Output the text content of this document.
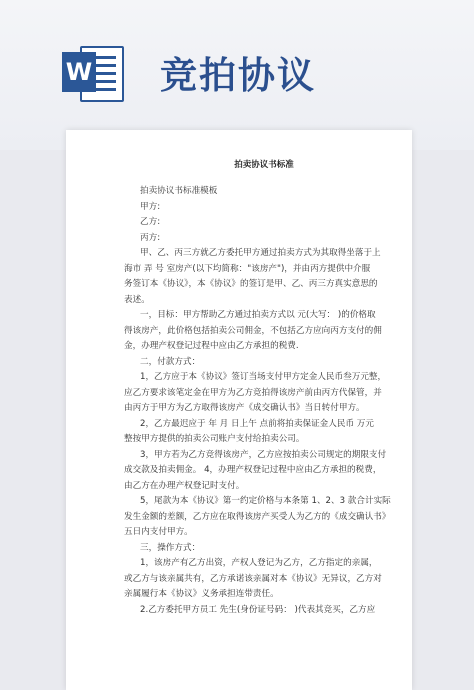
W 竞拍协议
拍卖协议书标准
拍卖协议书标准模板
甲方:
乙方:
丙方:
甲、乙、丙三方就乙方委托甲方通过拍卖方式为其取得坐落于上
海市 弄 号 室房产(以下均简称："该房产")，并由丙方提供中介服
务签订本《协议》，本《协议》的签订是甲、乙、丙三方真实意思的
表述。
一，目标：甲方帮助乙方通过拍卖方式以 元(大写： )的价格取
得该房产，此价格包括拍卖公司佣金，不包括乙方应向丙方支付的佣
金，办理产权登记过程中应由乙方承担的税费.
二，付款方式：
1，乙方应于本《协议》签订当场支付甲方定金人民币叁万元整，
应乙方要求该笔定金在甲方为乙方竞拍得该房产前由丙方代保管，并
由丙方于甲方为乙方取得该房产《成交确认书》当日转付甲方。
2，乙方最迟应于 年 月 日上午 点前将拍卖保证金人民币 万元
整按甲方提供的拍卖公司账户支付给拍卖公司。
3，甲方若为乙方竞得该房产，乙方应按拍卖公司规定的期限支付
成交款及拍卖佣金。 4，办理产权登记过程中应由乙方承担的税费，
由乙方在办理产权登记时支付。
5，尾款为本《协议》第一约定价格与本条第 1、2、3 款合计实际
发生金额的差额，乙方应在取得该房产买受人为乙方的《成交确认书》
五日内支付甲方。
三，操作方式：
1，该房产有乙方出资，产权人登记为乙方，乙方指定的亲属，
或乙方与该亲属共有，乙方承诺该亲属对本《协议》无异议，乙方对
亲属履行本《协议》义务承担连带责任。
2.乙方委托甲方员工 先生(身份证号码： )代表其竞买，乙方应
